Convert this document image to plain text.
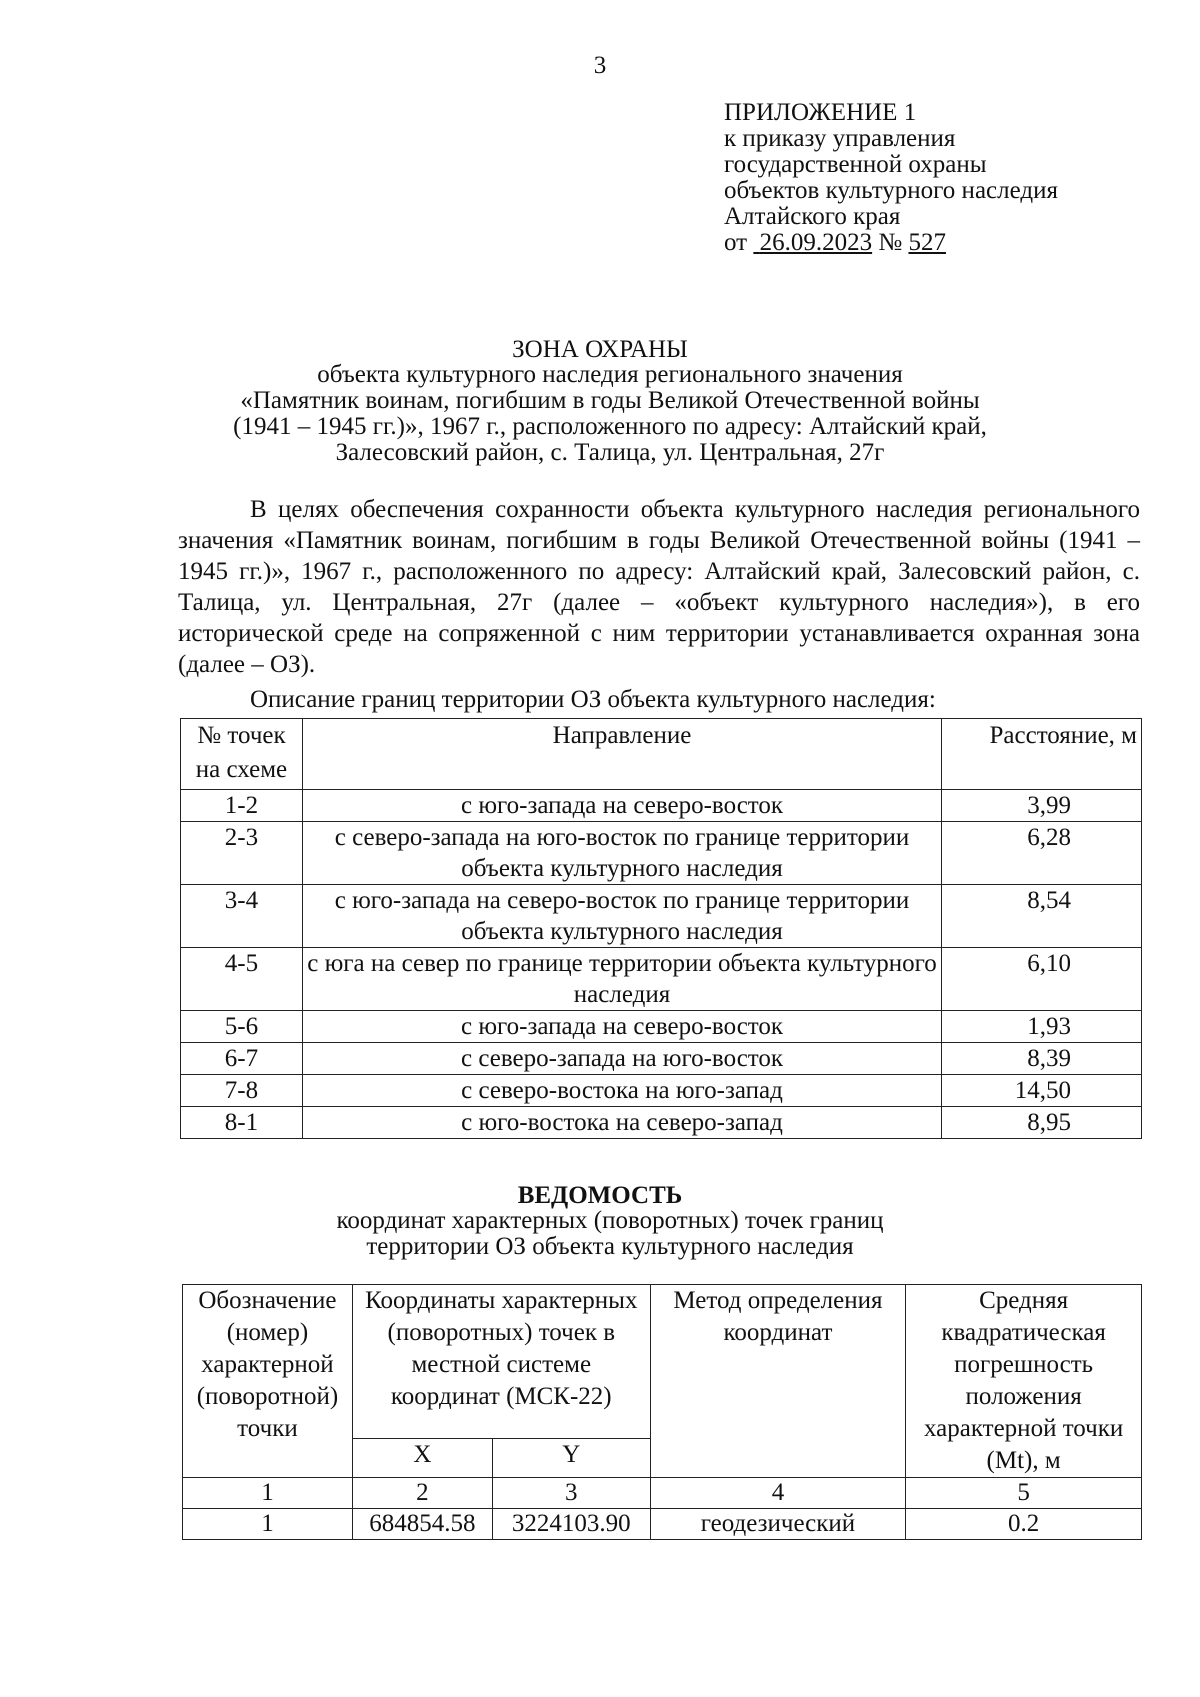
3
ПРИЛОЖЕНИЕ 1
к приказу управления
государственной охраны
объектов культурного наследия
Алтайского края
от 26.09.2023 № 527
ЗОНА ОХРАНЫ
объекта культурного наследия регионального значения
«Памятник воинам, погибшим в годы Великой Отечественной войны
(1941 – 1945 гг.)», 1967 г., расположенного по адресу: Алтайский край,
Залесовский район, с. Талица, ул. Центральная, 27г

В целях обеспечения сохранности объекта культурного наследия регионального значения «Памятник воинам, погибшим в годы Великой Отечественной войны (1941 – 1945 гг.)», 1967 г., расположенного по адресу: Алтайский край, Залесовский район, с. Талица, ул. Центральная, 27г (далее – «объект культурного наследия»), в его исторической среде на сопряженной с ним территории устанавливается охранная зона (далее – ОЗ).

Описание границ территории ОЗ объекта культурного наследия:
№ точек на схеме	Направление	Расстояние, м
1-2	с юго-запада на северо-восток	3,99
2-3	с северо-запада на юго-восток по границе территории объекта культурного наследия	6,28
3-4	с юго-запада на северо-восток по границе территории объекта культурного наследия	8,54
4-5	с юга на север по границе территории объекта культурного наследия	6,10
5-6	с юго-запада на северо-восток	1,93
6-7	с северо-запада на юго-восток	8,39
7-8	с северо-востока на юго-запад	14,50
8-1	с юго-востока на северо-запад	8,95
ВЕДОМОСТЬ
координат характерных (поворотных) точек границ
территории ОЗ объекта культурного наследия
Обозначение (номер) характерной (поворотной) точки	Координаты характерных (поворотных) точек в местной системе координат (МСК-22)		Метод определения координат	Средняя квадратическая погрешность положения характерной точки (Mt), м
	X	Y		
1	2	3	4	5
1	684854.58	3224103.90	геодезический	0.2
